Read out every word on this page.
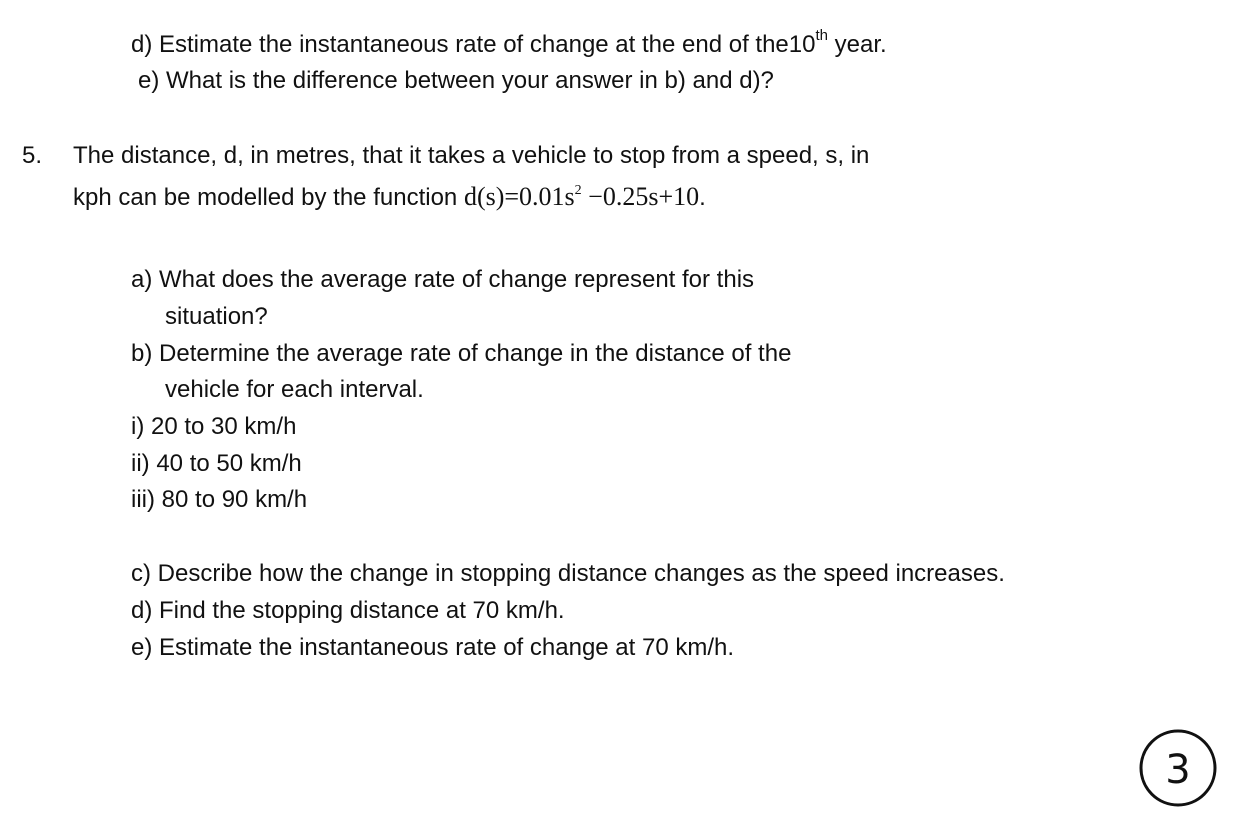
d) Estimate the instantaneous rate of change at the end of the10th year.
e) What is the difference between your answer in b) and d)?
5. The distance, d, in metres, that it takes a vehicle to stop from a speed, s, in
kph can be modelled by the function $d(s)=0.01s^2 -0.25s+10$.
a) What does the average rate of change represent for this
situation?
b) Determine the average rate of change in the distance of the
vehicle for each interval.
i) 20 to 30 km/h
ii) 40 to 50 km/h
iii) 80 to 90 km/h
c) Describe how the change in stopping distance changes as the speed increases.
d) Find the stopping distance at 70 km/h.
e) Estimate the instantaneous rate of change at 70 km/h.
3
